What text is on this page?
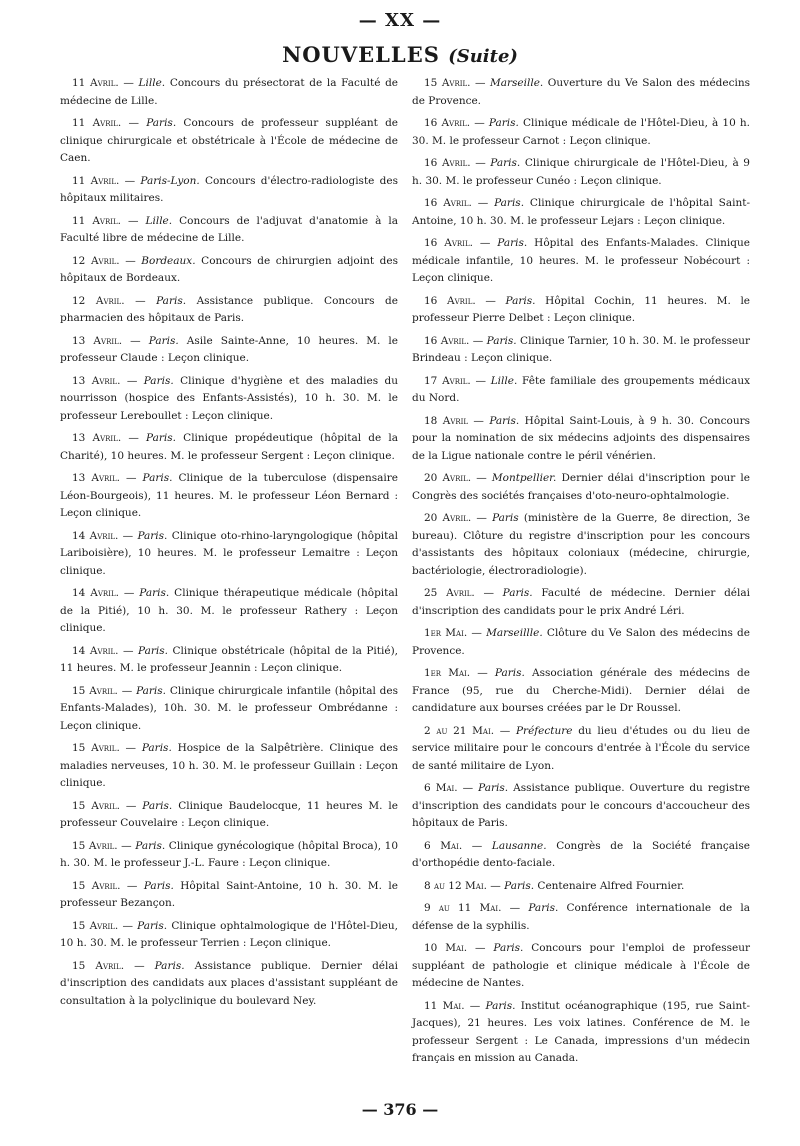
— XX —
NOUVELLES (Suite)

11 Avril. — Lille. Concours du présectorat de la Faculté de médecine de Lille.

11 Avril. — Paris. Concours de professeur suppléant de clinique chirurgicale et obstétricale à l'École de médecine de Caen.

11 Avril. — Paris-Lyon. Concours d'électro-radiologiste des hôpitaux militaires.

11 Avril. — Lille. Concours de l'adjuvat d'anatomie à la Faculté libre de médecine de Lille.

12 Avril. — Bordeaux. Concours de chirurgien adjoint des hôpitaux de Bordeaux.

12 Avril. — Paris. Assistance publique. Concours de pharmacien des hôpitaux de Paris.

13 Avril. — Paris. Asile Sainte-Anne, 10 heures. M. le professeur Claude : Leçon clinique.

13 Avril. — Paris. Clinique d'hygiène et des maladies du nourrisson (hospice des Enfants-Assistés), 10 h. 30. M. le professeur Lereboullet : Leçon clinique.

13 Avril. — Paris. Clinique propédeutique (hôpital de la Charité), 10 heures. M. le professeur Sergent : Leçon clinique.

13 Avril. — Paris. Clinique de la tuberculose (dispensaire Léon-Bourgeois), 11 heures. M. le professeur Léon Bernard : Leçon clinique.

14 Avril. — Paris. Clinique oto-rhino-laryngologique (hôpital Lariboisière), 10 heures. M. le professeur Lemaitre : Leçon clinique.

14 Avril. — Paris. Clinique thérapeutique médicale (hôpital de la Pitié), 10 h. 30. M. le professeur Rathery : Leçon clinique.

14 Avril. — Paris. Clinique obstétricale (hôpital de la Pitié), 11 heures. M. le professeur Jeannin : Leçon clinique.

15 Avril. — Paris. Clinique chirurgicale infantile (hôpital des Enfants-Malades), 10h. 30. M. le professeur Ombrédanne : Leçon clinique.

15 Avril. — Paris. Hospice de la Salpêtrière. Clinique des maladies nerveuses, 10 h. 30. M. le professeur Guillain : Leçon clinique.

15 Avril. — Paris. Clinique Baudelocque, 11 heures M. le professeur Couvelaire : Leçon clinique.

15 Avril. — Paris. Clinique gynécologique (hôpital Broca), 10 h. 30. M. le professeur J.-L. Faure : Leçon clinique.

15 Avril. — Paris. Hôpital Saint-Antoine, 10 h. 30. M. le professeur Bezançon.

15 Avril. — Paris. Clinique ophtalmologique de l'Hôtel-Dieu, 10 h. 30. M. le professeur Terrien : Leçon clinique.

15 Avril. — Paris. Assistance publique. Dernier délai d'inscription des candidats aux places d'assistant suppléant de consultation à la polyclinique du boulevard Ney.

15 Avril. — Marseille. Ouverture du Ve Salon des médecins de Provence.

16 Avril. — Paris. Clinique médicale de l'Hôtel-Dieu, à 10 h. 30. M. le professeur Carnot : Leçon clinique.

16 Avril. — Paris. Clinique chirurgicale de l'Hôtel-Dieu, à 9 h. 30. M. le professeur Cunéo : Leçon clinique.

16 Avril. — Paris. Clinique chirurgicale de l'hôpital Saint-Antoine, 10 h. 30. M. le professeur Lejars : Leçon clinique.

16 Avril. — Paris. Hôpital des Enfants-Malades. Clinique médicale infantile, 10 heures. M. le professeur Nobécourt : Leçon clinique.

16 Avril. — Paris. Hôpital Cochin, 11 heures. M. le professeur Pierre Delbet : Leçon clinique.

16 Avril. — Paris. Clinique Tarnier, 10 h. 30. M. le professeur Brindeau : Leçon clinique.

17 Avril. — Lille. Fête familiale des groupements médicaux du Nord.

18 Avril — Paris. Hôpital Saint-Louis, à 9 h. 30. Concours pour la nomination de six médecins adjoints des dispensaires de la Ligue nationale contre le péril vénérien.

20 Avril. — Montpellier. Dernier délai d'inscription pour le Congrès des sociétés françaises d'oto-neuro-ophtalmologie.

20 Avril. — Paris (ministère de la Guerre, 8e direction, 3e bureau). Clôture du registre d'inscription pour les concours d'assistants des hôpitaux coloniaux (médecine, chirurgie, bactériologie, électroradiologie).

25 Avril. — Paris. Faculté de médecine. Dernier délai d'inscription des candidats pour le prix André Léri.

1er Mai. — Marseillle. Clôture du Ve Salon des médecins de Provence.

1er Mai. — Paris. Association générale des médecins de France (95, rue du Cherche-Midi). Dernier délai de candidature aux bourses créées par le Dr Roussel.

2 au 21 Mai. — Préfecture du lieu d'études ou du lieu de service militaire pour le concours d'entrée à l'École du service de santé militaire de Lyon.

6 Mai. — Paris. Assistance publique. Ouverture du registre d'inscription des candidats pour le concours d'accoucheur des hôpitaux de Paris.

6 Mai. — Lausanne. Congrès de la Société française d'orthopédie dento-faciale.

8 au 12 Mai. — Paris. Centenaire Alfred Fournier.

9 au 11 Mai. — Paris. Conférence internationale de la défense de la syphilis.

10 Mai. — Paris. Concours pour l'emploi de professeur suppléant de pathologie et clinique médicale à l'École de médecine de Nantes.

11 Mai. — Paris. Institut océanographique (195, rue Saint-Jacques), 21 heures. Les voix latines. Conférence de M. le professeur Sergent : Le Canada, impressions d'un médecin français en mission au Canada.

— 376 —
